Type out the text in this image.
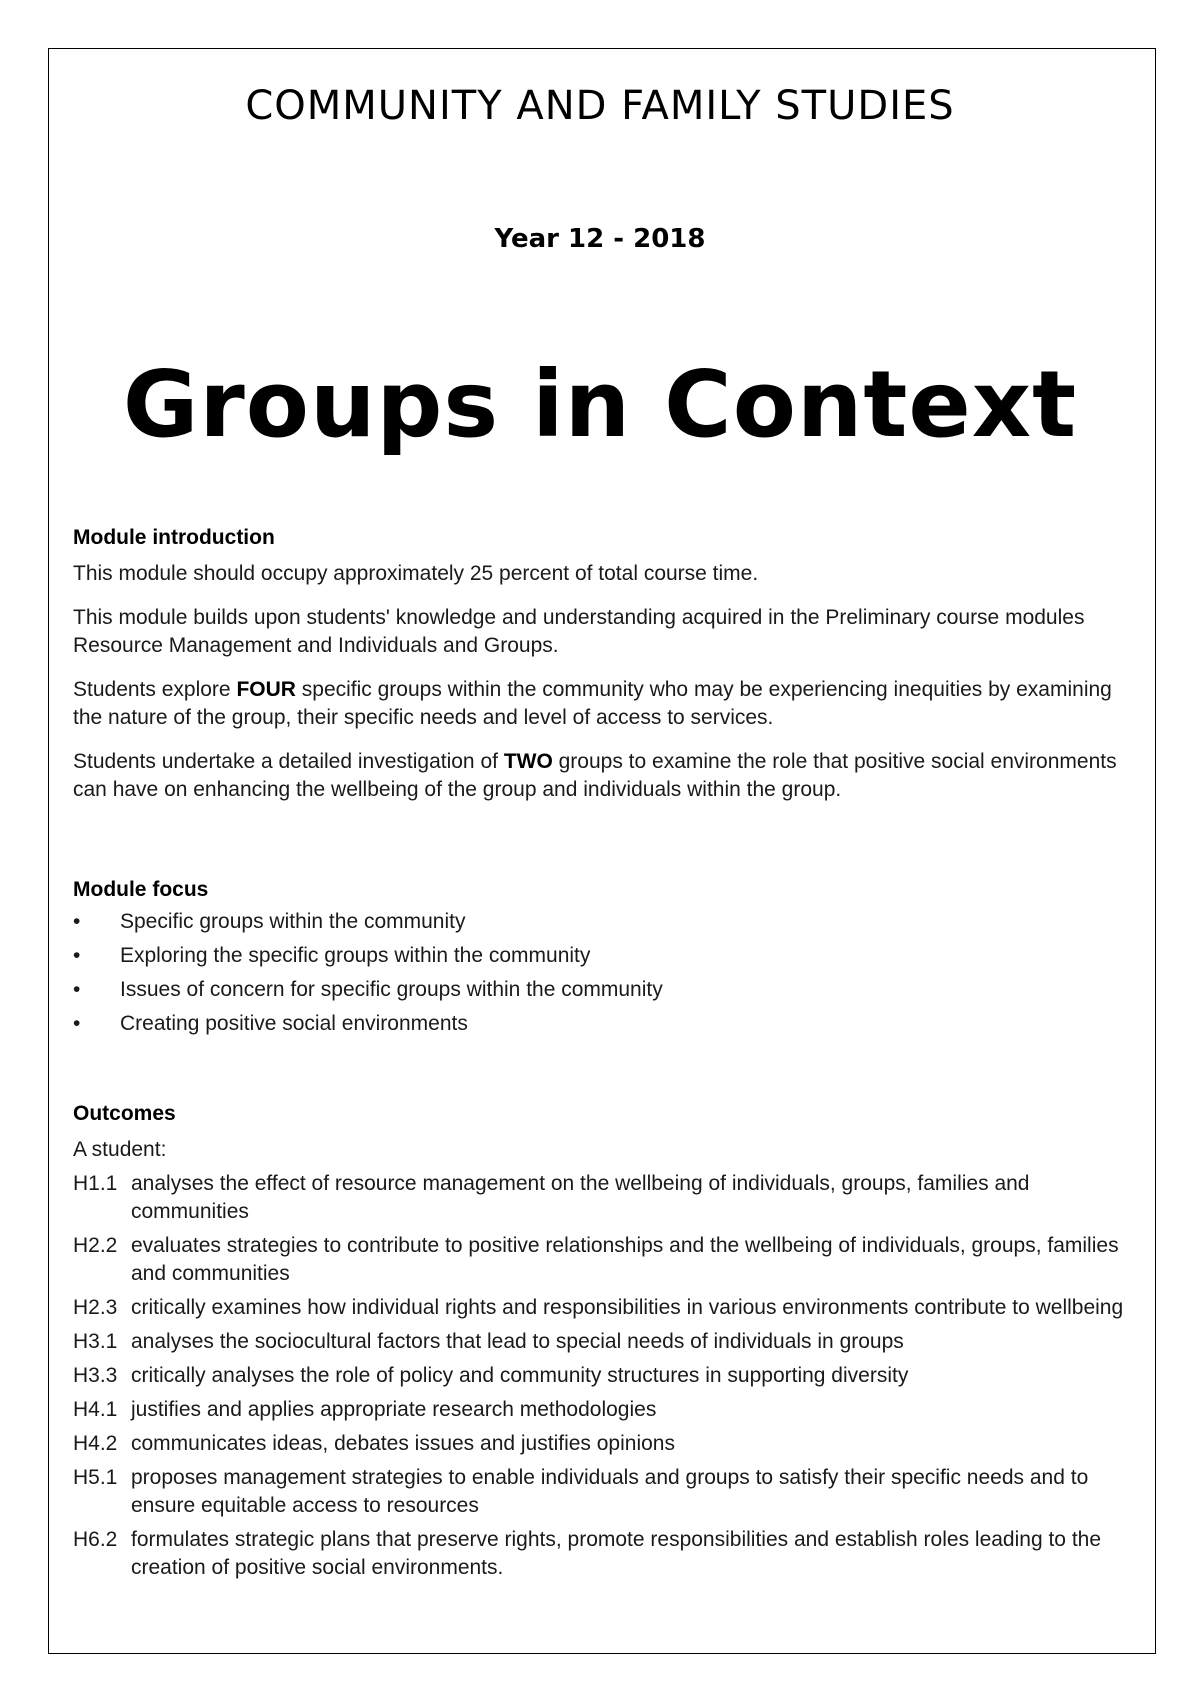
COMMUNITY AND FAMILY STUDIES
Year 12 - 2018
Groups in Context
Module introduction
This module should occupy approximately 25 percent of total course time.
This module builds upon students' knowledge and understanding acquired in the Preliminary course modules Resource Management and Individuals and Groups.
Students explore FOUR specific groups within the community who may be experiencing inequities by examining the nature of the group, their specific needs and level of access to services.
Students undertake a detailed investigation of TWO groups to examine the role that positive social environments can have on enhancing the wellbeing of the group and individuals within the group.
Module focus
• Specific groups within the community
• Exploring the specific groups within the community
• Issues of concern for specific groups within the community
• Creating positive social environments
Outcomes
A student:
H1.1 analyses the effect of resource management on the wellbeing of individuals, groups, families and communities
H2.2 evaluates strategies to contribute to positive relationships and the wellbeing of individuals, groups, families and communities
H2.3 critically examines how individual rights and responsibilities in various environments contribute to wellbeing
H3.1 analyses the sociocultural factors that lead to special needs of individuals in groups
H3.3 critically analyses the role of policy and community structures in supporting diversity
H4.1 justifies and applies appropriate research methodologies
H4.2 communicates ideas, debates issues and justifies opinions
H5.1 proposes management strategies to enable individuals and groups to satisfy their specific needs and to ensure equitable access to resources
H6.2 formulates strategic plans that preserve rights, promote responsibilities and establish roles leading to the creation of positive social environments.
